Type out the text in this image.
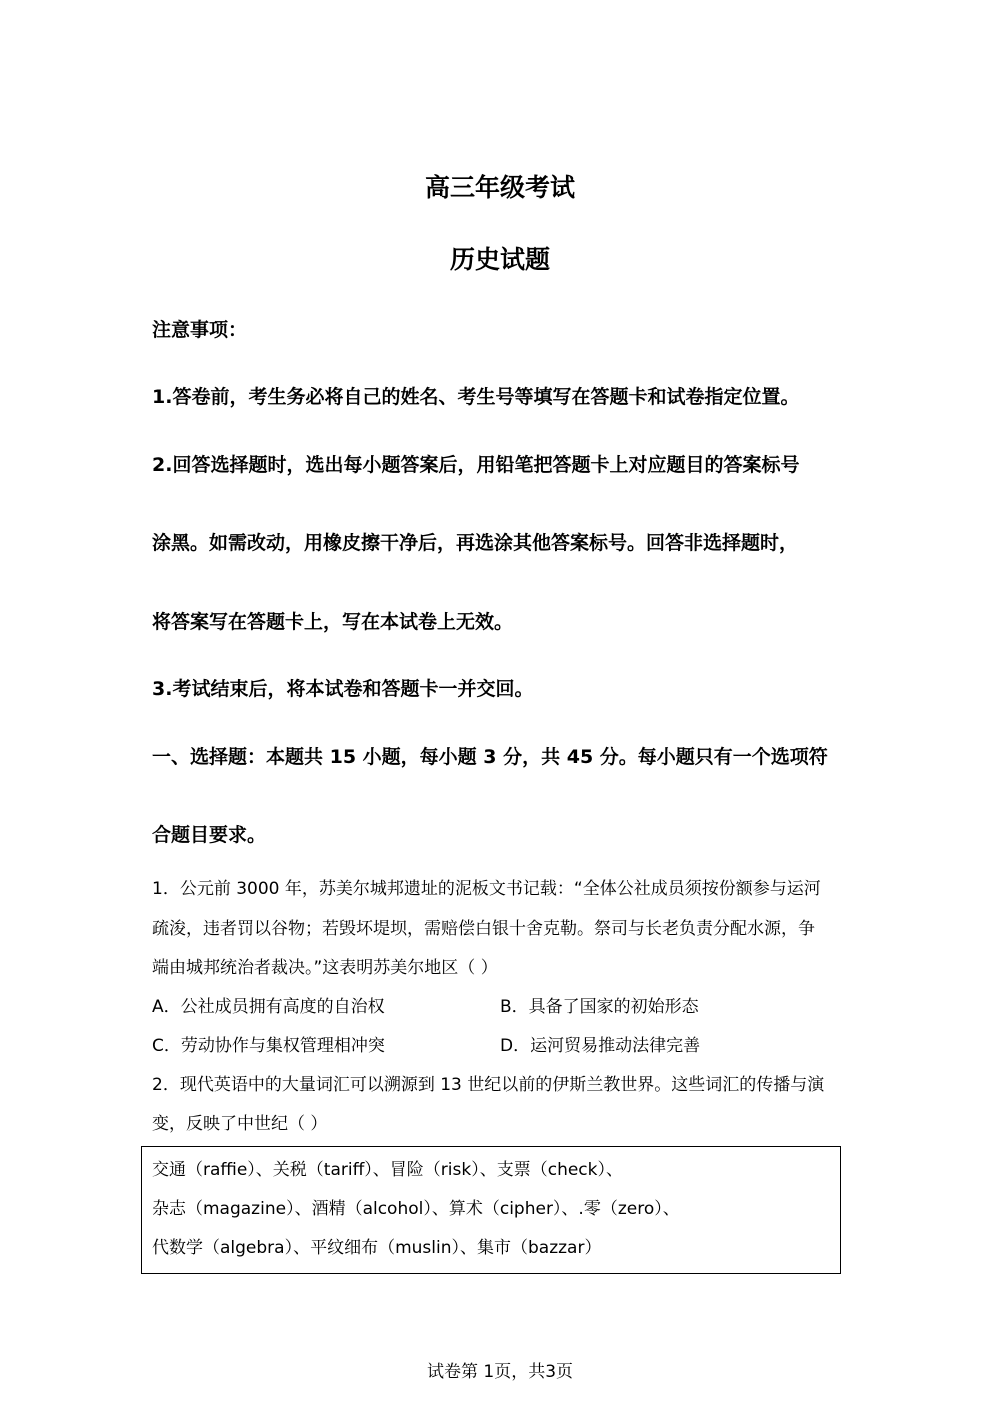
高三年级考试
历史试题
注意事项：
1.答卷前，考生务必将自己的姓名、考生号等填写在答题卡和试卷指定位置。
2.回答选择题时，选出每小题答案后，用铅笔把答题卡上对应题目的答案标号
涂黑。如需改动，用橡皮擦干净后，再选涂其他答案标号。回答非选择题时，
将答案写在答题卡上，写在本试卷上无效。
3.考试结束后，将本试卷和答题卡一并交回。
一、选择题：本题共 15 小题，每小题 3 分，共 45 分。每小题只有一个选项符
合题目要求。
1．公元前 3000 年，苏美尔城邦遗址的泥板文书记载：“全体公社成员须按份额参与运河
疏浚，违者罚以谷物；若毁坏堤坝，需赔偿白银十舍克勒。祭司与长老负责分配水源，争
端由城邦统治者裁决。”这表明苏美尔地区（ ）
A．公社成员拥有高度的自治权	B．具备了国家的初始形态
C．劳动协作与集权管理相冲突	D．运河贸易推动法律完善
2．现代英语中的大量词汇可以溯源到 13 世纪以前的伊斯兰教世界。这些词汇的传播与演
变，反映了中世纪（ ）
交通（raffie）、关税（tariff）、冒险（risk）、支票（check）、
杂志（magazine）、酒精（alcohol）、算术（cipher）、.零（zero）、
代数学（algebra）、平纹细布（muslin）、集市（bazzar）
试卷第 1页，共3页
